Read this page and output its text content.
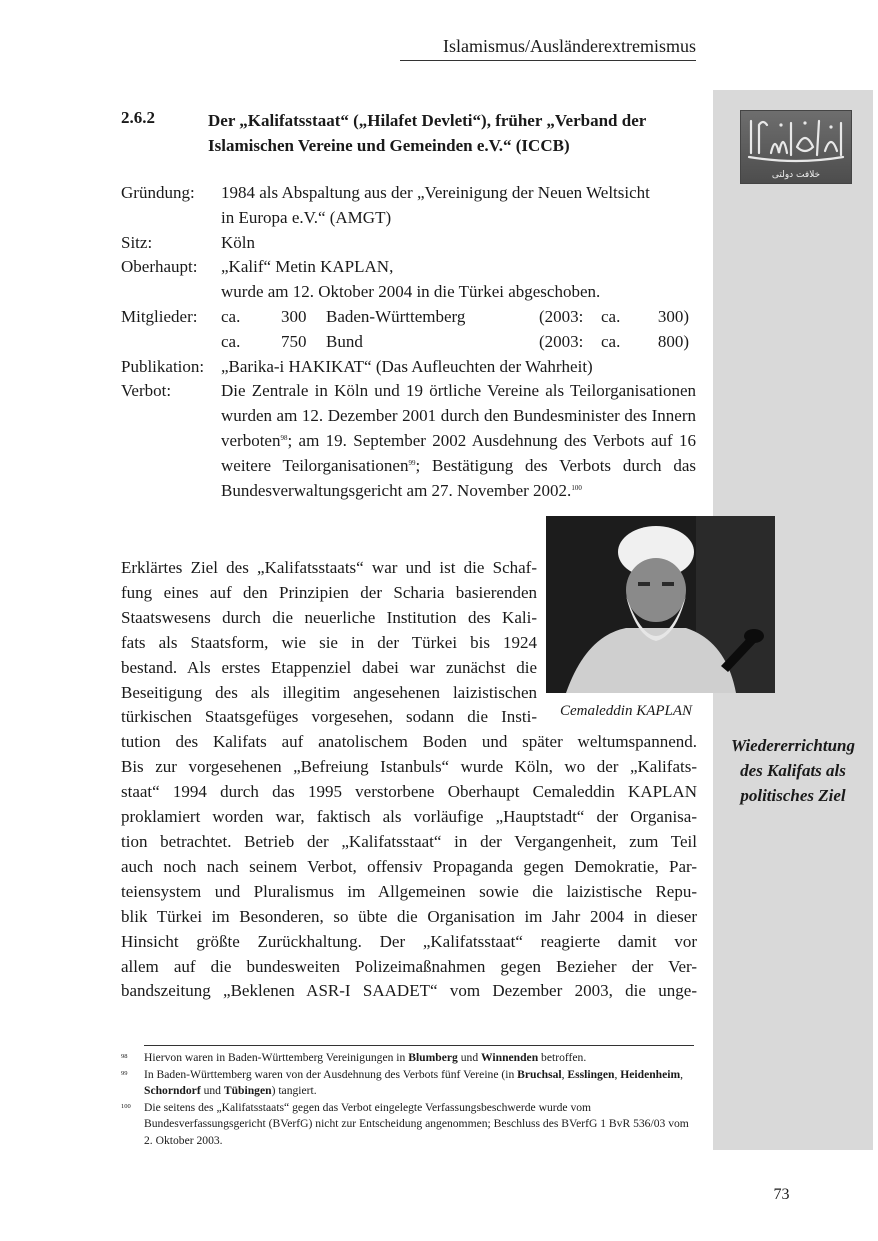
Islamismus/Ausländerextremismus
خلافت دولتی
2.6.2	Der „Kalifatsstaat“ („Hilafet Devleti“), früher „Verband der Islamischen Vereine und Gemeinden e.V.“ (ICCB)
Gründung:	1984 als Abspaltung aus der „Vereinigung der Neuen Weltsicht
in Europa e.V.“ (AMGT)
Sitz:	Köln
Oberhaupt:	„Kalif“ Metin KAPLAN,
wurde am 12. Oktober 2004 in die Türkei abgeschoben.
Mitglieder:	ca.	300	Baden-Württemberg	(2003:	ca.	300)
ca.	750	Bund	(2003:	ca.	800)
Publikation: „Barika-i HAKIKAT“ (Das Aufleuchten der Wahrheit)
Verbot:	Die Zentrale in Köln und 19 örtliche Vereine als Teilorganisationen wurden am 12. Dezember 2001 durch den Bundesminister des Innern verboten$^{98}$; am 19. September 2002 Ausdehnung des Verbots auf 16 weitere Teilorganisationen$^{99}$; Bestätigung des Verbots durch das Bundesverwaltungsgericht am 27. November 2002.$^{100}$
Cemaleddin KAPLAN
Erklärtes Ziel des „Kalifatsstaats“ war und ist die Schaf-
fung eines auf den Prinzipien der Scharia basierenden
Staatswesens durch die neuerliche Institution des Kali-
fats als Staatsform, wie sie in der Türkei bis 1924
bestand. Als erstes Etappenziel dabei war zunächst die
Beseitigung des als illegitim angesehenen laizistischen
türkischen Staatsgefüges vorgesehen, sodann die Insti-
tution des Kalifats auf anatolischem Boden und später weltumspannend.
Bis zur vorgesehenen „Befreiung Istanbuls“ wurde Köln, wo der „Kalifats-
staat“ 1994 durch das 1995 verstorbene Oberhaupt Cemaleddin KAPLAN
proklamiert worden war, faktisch als vorläufige „Hauptstadt“ der Organisa-
tion betrachtet. Betrieb der „Kalifatsstaat“ in der Vergangenheit, zum Teil
auch noch nach seinem Verbot, offensiv Propaganda gegen Demokratie, Par-
teiensystem und Pluralismus im Allgemeinen sowie die laizistische Repu-
blik Türkei im Besonderen, so übte die Organisation im Jahr 2004 in dieser
Hinsicht größte Zurückhaltung. Der „Kalifatsstaat“ reagierte damit vor
allem auf die bundesweiten Polizeimaßnahmen gegen Bezieher der Ver-
bandszeitung „Beklenen ASR-I SAADET“ vom Dezember 2003, die unge-
Wiedererrichtung
des Kalifats als
politisches Ziel
98	Hiervon waren in Baden-Württemberg Vereinigungen in Blumberg und Winnenden betroffen.
99	In Baden-Württemberg waren von der Ausdehnung des Verbots fünf Vereine (in Bruchsal, Esslingen, Heidenheim, Schorndorf und Tübingen) tangiert.
100	Die seitens des „Kalifatsstaats“ gegen das Verbot eingelegte Verfassungsbeschwerde wurde vom Bundesverfassungsgericht (BVerfG) nicht zur Entscheidung angenommen; Beschluss des BVerfG 1 BvR 536/03 vom 2. Oktober 2003.
73
